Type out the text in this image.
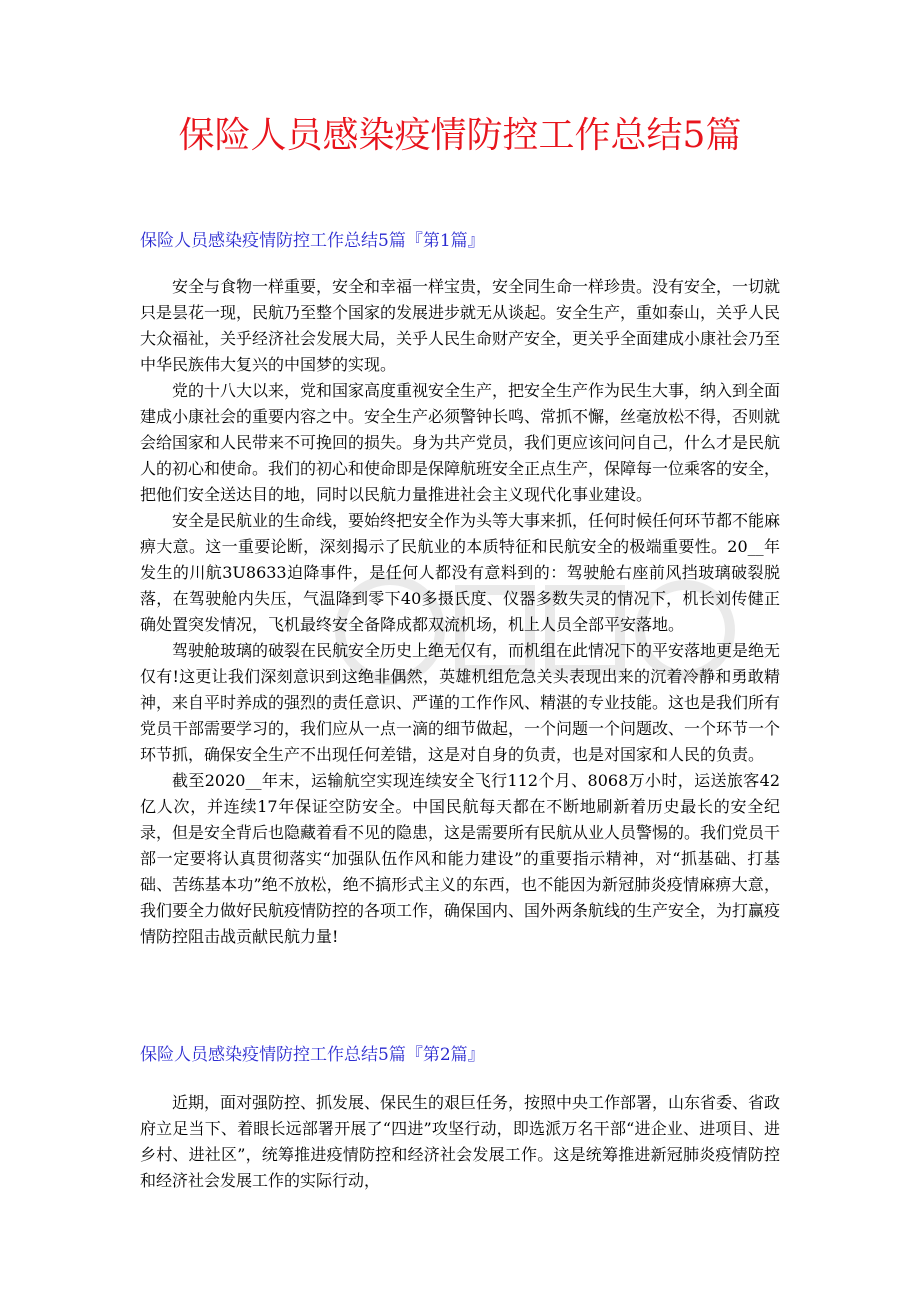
保险人员感染疫情防控工作总结5篇
保险人员感染疫情防控工作总结5篇『第1篇』

安全与食物一样重要，安全和幸福一样宝贵，安全同生命一样珍贵。没有安全，一切就只是昙花一现，民航乃至整个国家的发展进步就无从谈起。安全生产，重如泰山，关乎人民大众福祉，关乎经济社会发展大局，关乎人民生命财产安全，更关乎全面建成小康社会乃至中华民族伟大复兴的中国梦的实现。

党的十八大以来，党和国家高度重视安全生产，把安全生产作为民生大事，纳入到全面建成小康社会的重要内容之中。安全生产必须警钟长鸣、常抓不懈，丝毫放松不得，否则就会给国家和人民带来不可挽回的损失。身为共产党员，我们更应该问问自己，什么才是民航人的初心和使命。我们的初心和使命即是保障航班安全正点生产，保障每一位乘客的安全，把他们安全送达目的地，同时以民航力量推进社会主义现代化事业建设。

安全是民航业的生命线，要始终把安全作为头等大事来抓，任何时候任何环节都不能麻痹大意。这一重要论断，深刻揭示了民航业的本质特征和民航安全的极端重要性。20__年发生的川航3U8633迫降事件，是任何人都没有意料到的：驾驶舱右座前风挡玻璃破裂脱落，在驾驶舱内失压，气温降到零下40多摄氏度、仪器多数失灵的情况下，机长刘传健正确处置突发情况，飞机最终安全备降成都双流机场，机上人员全部平安落地。

驾驶舱玻璃的破裂在民航安全历史上绝无仅有，而机组在此情况下的平安落地更是绝无仅有!这更让我们深刻意识到这绝非偶然，英雄机组危急关头表现出来的沉着冷静和勇敢精神，来自平时养成的强烈的责任意识、严谨的工作作风、精湛的专业技能。这也是我们所有党员干部需要学习的，我们应从一点一滴的细节做起，一个问题一个问题改、一个环节一个环节抓，确保安全生产不出现任何差错，这是对自身的负责，也是对国家和人民的负责。

截至2020__年末，运输航空实现连续安全飞行112个月、8068万小时，运送旅客42亿人次，并连续17年保证空防安全。中国民航每天都在不断地刷新着历史最长的安全纪录，但是安全背后也隐藏着看不见的隐患，这是需要所有民航从业人员警惕的。我们党员干部一定要将认真贯彻落实“加强队伍作风和能力建设”的重要指示精神，对“抓基础、打基础、苦练基本功”绝不放松，绝不搞形式主义的东西，也不能因为新冠肺炎疫情麻痹大意，我们要全力做好民航疫情防控的各项工作，确保国内、国外两条航线的生产安全，为打赢疫情防控阻击战贡献民航力量!

保险人员感染疫情防控工作总结5篇『第2篇』

近期，面对强防控、抓发展、保民生的艰巨任务，按照中央工作部署，山东省委、省政府立足当下、着眼长远部署开展了“四进”攻坚行动，即选派万名干部“进企业、进项目、进乡村、进社区”，统筹推进疫情防控和经济社会发展工作。这是统筹推进新冠肺炎疫情防控和经济社会发展工作的实际行动，
